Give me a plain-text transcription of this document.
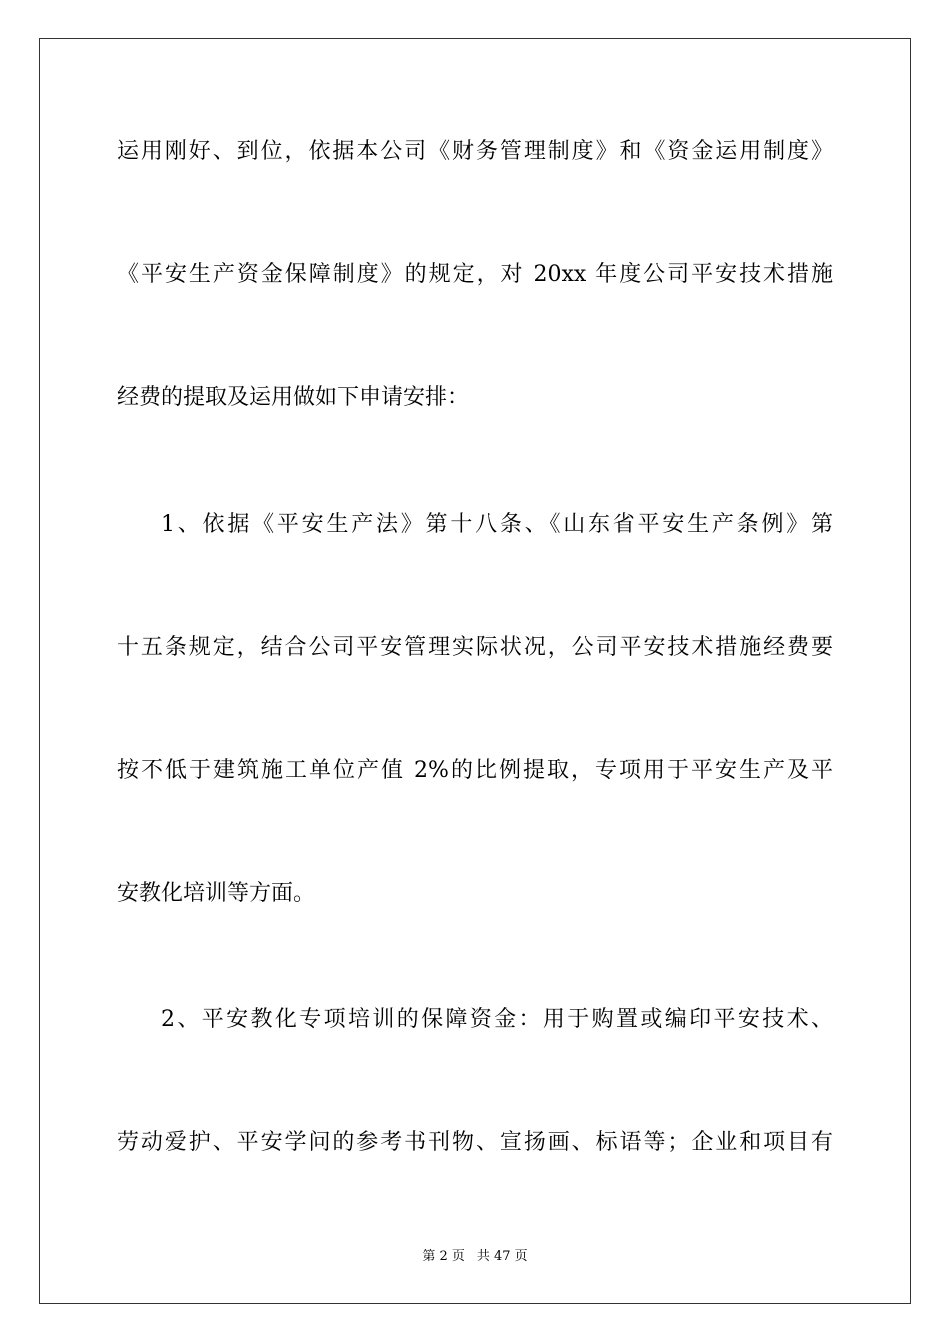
运用刚好、到位，依据本公司《财务管理制度》和《资金运用制度》
《平安生产资金保障制度》的规定，对 20xx 年度公司平安技术措施
经费的提取及运用做如下申请安排：
1、依据《平安生产法》第十八条、《山东省平安生产条例》第
十五条规定，结合公司平安管理实际状况，公司平安技术措施经费要
按不低于建筑施工单位产值 2%的比例提取，专项用于平安生产及平
安教化培训等方面。
2、平安教化专项培训的保障资金：用于购置或编印平安技术、
劳动爱护、平安学问的参考书刊物、宣扬画、标语等；企业和项目有
第 2 页 共 47 页
